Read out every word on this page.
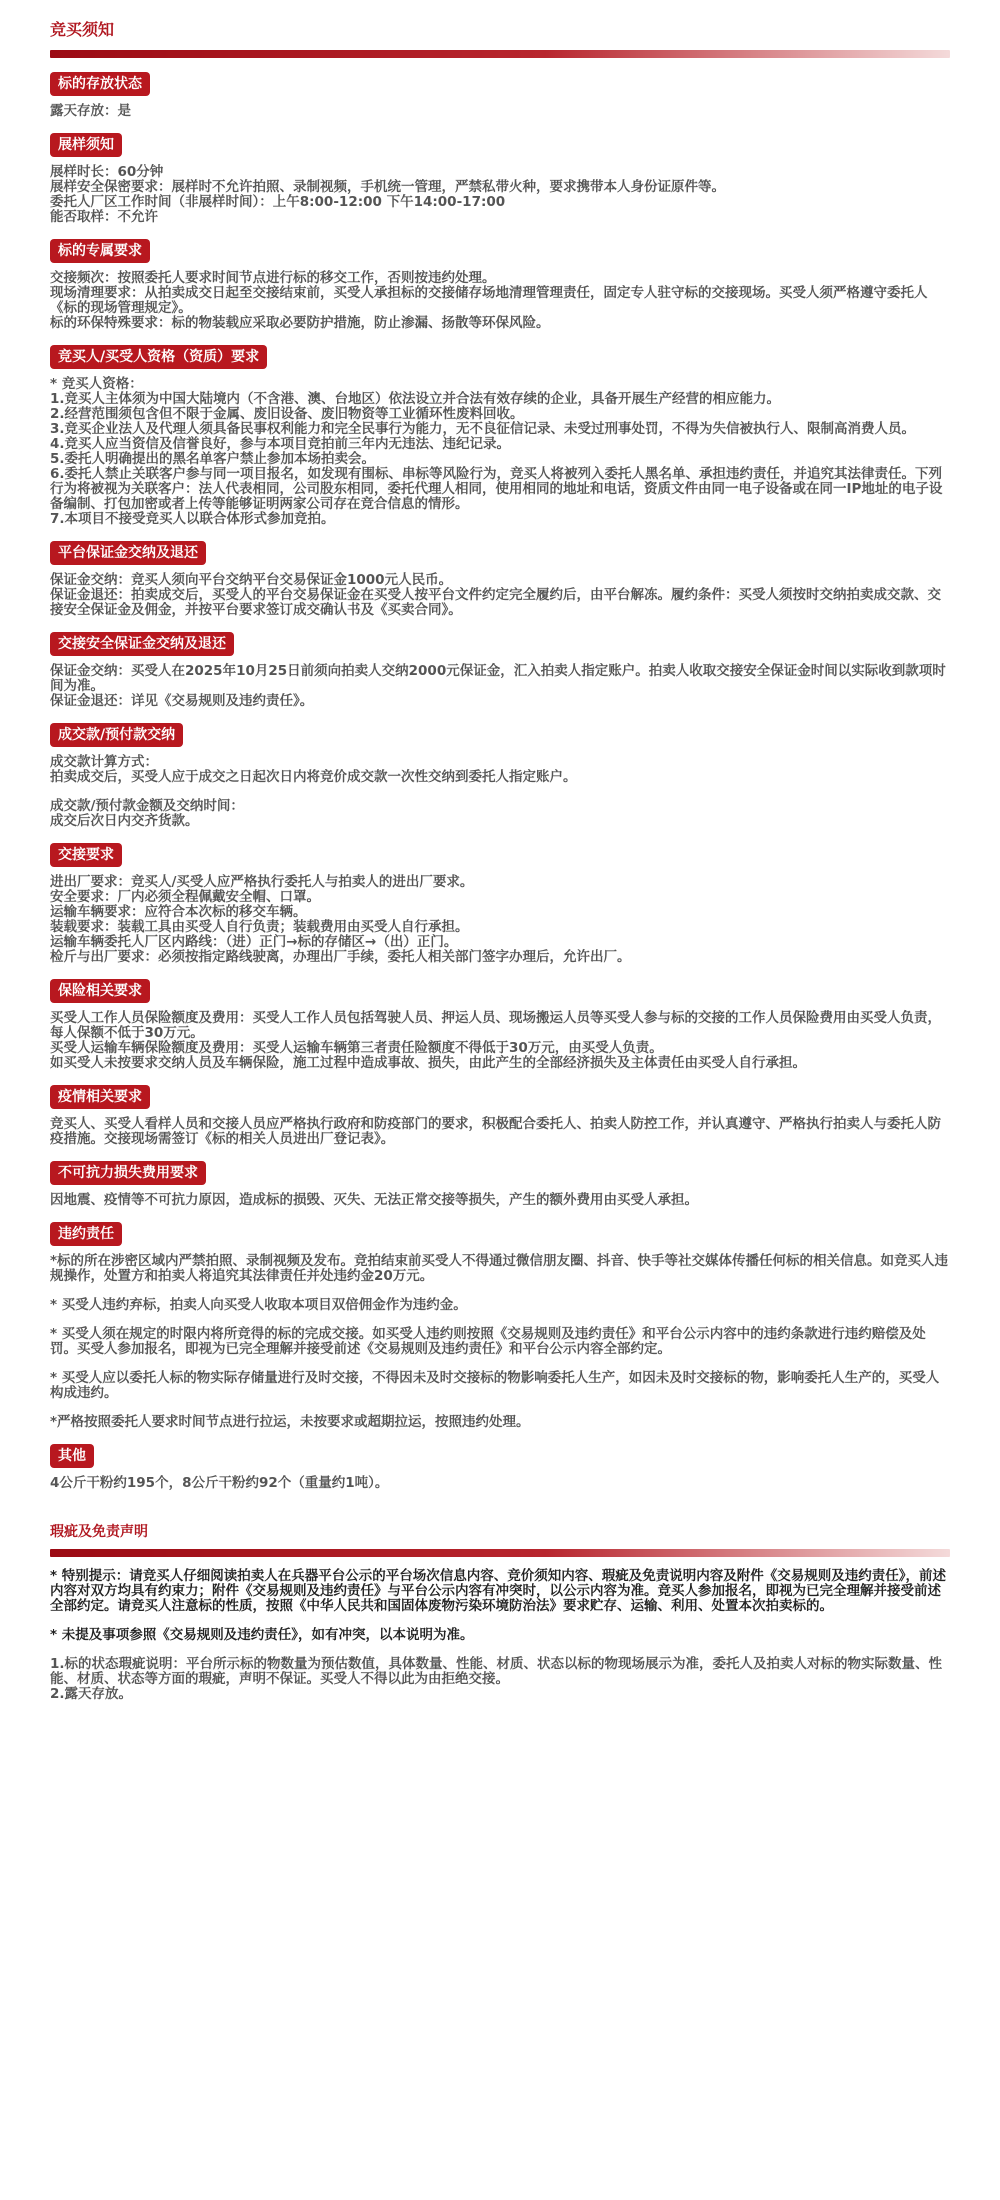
竞买须知
标的存放状态

露天存放：是

展样须知

展样时长：60分钟

展样安全保密要求：展样时不允许拍照、录制视频，手机统一管理，严禁私带火种，要求携带本人身份证原件等。

委托人厂区工作时间（非展样时间）：上午8:00-12:00 下午14:00-17:00

能否取样：不允许

标的专属要求

交接频次：按照委托人要求时间节点进行标的移交工作，否则按违约处理。

现场清理要求：从拍卖成交日起至交接结束前，买受人承担标的交接储存场地清理管理责任，固定专人驻守标的交接现场。买受人须严格遵守委托人《标的现场管理规定》。

标的环保特殊要求：标的物装载应采取必要防护措施，防止渗漏、扬散等环保风险。

竞买人/买受人资格（资质）要求

* 竞买人资格：

1.竞买人主体须为中国大陆境内（不含港、澳、台地区）依法设立并合法有效存续的企业，具备开展生产经营的相应能力。

2.经营范围须包含但不限于金属、废旧设备、废旧物资等工业循环性废料回收。

3.竞买企业法人及代理人须具备民事权利能力和完全民事行为能力，无不良征信记录、未受过刑事处罚，不得为失信被执行人、限制高消费人员。

4.竞买人应当资信及信誉良好，参与本项目竞拍前三年内无违法、违纪记录。

5.委托人明确提出的黑名单客户禁止参加本场拍卖会。

6.委托人禁止关联客户参与同一项目报名，如发现有围标、串标等风险行为，竞买人将被列入委托人黑名单、承担违约责任，并追究其法律责任。下列行为将被视为关联客户：法人代表相同，公司股东相同，委托代理人相同，使用相同的地址和电话，资质文件由同一电子设备或在同一IP地址的电子设备编制、打包加密或者上传等能够证明两家公司存在竞合信息的情形。

7.本项目不接受竞买人以联合体形式参加竞拍。

平台保证金交纳及退还

保证金交纳：竞买人须向平台交纳平台交易保证金1000元人民币。

保证金退还：拍卖成交后，买受人的平台交易保证金在买受人按平台文件约定完全履约后，由平台解冻。履约条件：买受人须按时交纳拍卖成交款、交接安全保证金及佣金，并按平台要求签订成交确认书及《买卖合同》。

交接安全保证金交纳及退还

保证金交纳：买受人在2025年10月25日前须向拍卖人交纳2000元保证金，汇入拍卖人指定账户。拍卖人收取交接安全保证金时间以实际收到款项时间为准。

保证金退还：详见《交易规则及违约责任》。

成交款/预付款交纳

成交款计算方式：

拍卖成交后，买受人应于成交之日起次日内将竞价成交款一次性交纳到委托人指定账户。

成交款/预付款金额及交纳时间：

成交后次日内交齐货款。

交接要求

进出厂要求：竞买人/买受人应严格执行委托人与拍卖人的进出厂要求。

安全要求：厂内必须全程佩戴安全帽、口罩。

运输车辆要求：应符合本次标的移交车辆。

装载要求：装载工具由买受人自行负责；装载费用由买受人自行承担。

运输车辆委托人厂区内路线：（进）正门→标的存储区→（出）正门。

检斤与出厂要求：必须按指定路线驶离，办理出厂手续，委托人相关部门签字办理后，允许出厂。

保险相关要求

买受人工作人员保险额度及费用：买受人工作人员包括驾驶人员、押运人员、现场搬运人员等买受人参与标的交接的工作人员保险费用由买受人负责，每人保额不低于30万元。

买受人运输车辆保险额度及费用：买受人运输车辆第三者责任险额度不得低于30万元，由买受人负责。

如买受人未按要求交纳人员及车辆保险，施工过程中造成事故、损失，由此产生的全部经济损失及主体责任由买受人自行承担。

疫情相关要求

竞买人、买受人看样人员和交接人员应严格执行政府和防疫部门的要求，积极配合委托人、拍卖人防控工作，并认真遵守、严格执行拍卖人与委托人防疫措施。交接现场需签订《标的相关人员进出厂登记表》。

不可抗力损失费用要求

因地震、疫情等不可抗力原因，造成标的损毁、灭失、无法正常交接等损失，产生的额外费用由买受人承担。

违约责任

*标的所在涉密区域内严禁拍照、录制视频及发布。竞拍结束前买受人不得通过微信朋友圈、抖音、快手等社交媒体传播任何标的相关信息。如竞买人违规操作，处置方和拍卖人将追究其法律责任并处违约金20万元。

* 买受人违约弃标，拍卖人向买受人收取本项目双倍佣金作为违约金。

* 买受人须在规定的时限内将所竞得的标的完成交接。如买受人违约则按照《交易规则及违约责任》和平台公示内容中的违约条款进行违约赔偿及处罚。买受人参加报名，即视为已完全理解并接受前述《交易规则及违约责任》和平台公示内容全部约定。

* 买受人应以委托人标的物实际存储量进行及时交接，不得因未及时交接标的物影响委托人生产，如因未及时交接标的物，影响委托人生产的，买受人构成违约。

*严格按照委托人要求时间节点进行拉运，未按要求或超期拉运，按照违约处理。

其他

4公斤干粉约195个，8公斤干粉约92个（重量约1吨）。

瑕疵及免责声明

* 特别提示：请竞买人仔细阅读拍卖人在兵器平台公示的平台场次信息内容、竞价须知内容、瑕疵及免责说明内容及附件《交易规则及违约责任》，前述内容对双方均具有约束力；附件《交易规则及违约责任》与平台公示内容有冲突时，以公示内容为准。竞买人参加报名，即视为已完全理解并接受前述全部约定。请竞买人注意标的性质，按照《中华人民共和国固体废物污染环境防治法》要求贮存、运输、利用、处置本次拍卖标的。

* 未提及事项参照《交易规则及违约责任》，如有冲突，以本说明为准。

1.标的状态瑕疵说明：平台所示标的物数量为预估数值，具体数量、性能、材质、状态以标的物现场展示为准，委托人及拍卖人对标的物实际数量、性能、材质、状态等方面的瑕疵，声明不保证。买受人不得以此为由拒绝交接。

2.露天存放。
